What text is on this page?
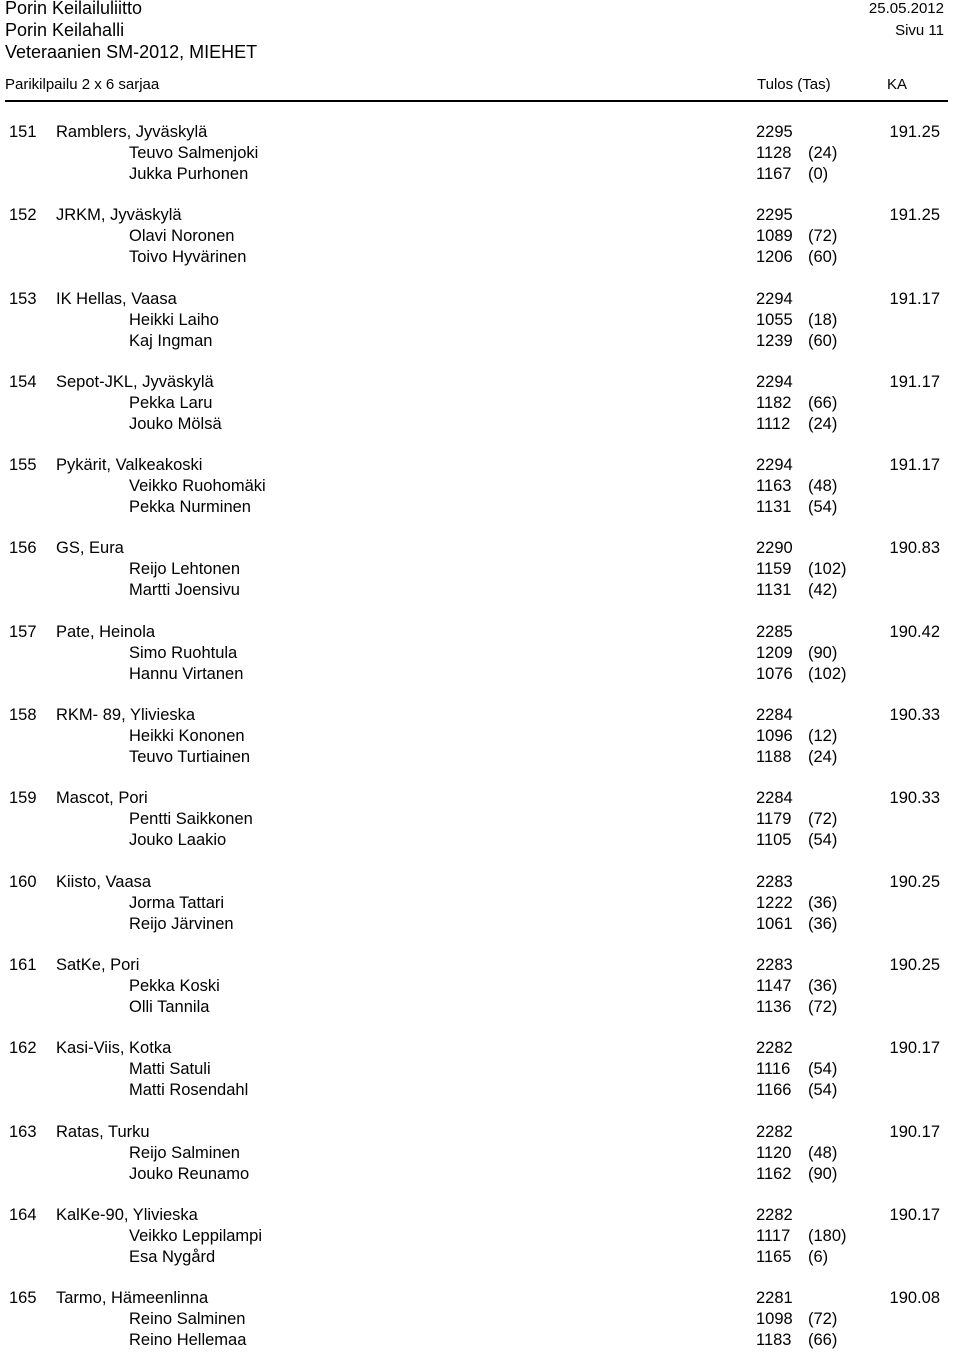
Porin Keilailuliitto	25.05.2012
Porin Keilahalli	Sivu 11
Veteraanien SM-2012, MIEHET
Parikilpailu 2 x 6 sarjaa	Tulos (Tas)	KA
151 Ramblers, Jyväskylä	2295	191.25
Teuvo Salmenjoki	1128 (24)
Jukka Purhonen	1167 (0)
152 JRKM, Jyväskylä	2295	191.25
Olavi Noronen	1089 (72)
Toivo Hyvärinen	1206 (60)
153 IK Hellas, Vaasa	2294	191.17
Heikki Laiho	1055 (18)
Kaj Ingman	1239 (60)
154 Sepot-JKL, Jyväskylä	2294	191.17
Pekka Laru	1182 (66)
Jouko Mölsä	1112 (24)
155 Pykärit, Valkeakoski	2294	191.17
Veikko Ruohomäki	1163 (48)
Pekka Nurminen	1131 (54)
156 GS, Eura	2290	190.83
Reijo Lehtonen	1159 (102)
Martti Joensivu	1131 (42)
157 Pate, Heinola	2285	190.42
Simo Ruohtula	1209 (90)
Hannu Virtanen	1076 (102)
158 RKM- 89, Ylivieska	2284	190.33
Heikki Kononen	1096 (12)
Teuvo Turtiainen	1188 (24)
159 Mascot, Pori	2284	190.33
Pentti Saikkonen	1179 (72)
Jouko Laakio	1105 (54)
160 Kiisto, Vaasa	2283	190.25
Jorma Tattari	1222 (36)
Reijo Järvinen	1061 (36)
161 SatKe, Pori	2283	190.25
Pekka Koski	1147 (36)
Olli Tannila	1136 (72)
162 Kasi-Viis, Kotka	2282	190.17
Matti Satuli	1116 (54)
Matti Rosendahl	1166 (54)
163 Ratas, Turku	2282	190.17
Reijo Salminen	1120 (48)
Jouko Reunamo	1162 (90)
164 KalKe-90, Ylivieska	2282	190.17
Veikko Leppilampi	1117 (180)
Esa Nygård	1165 (6)
165 Tarmo, Hämeenlinna	2281	190.08
Reino Salminen	1098 (72)
Reino Hellemaa	1183 (66)
